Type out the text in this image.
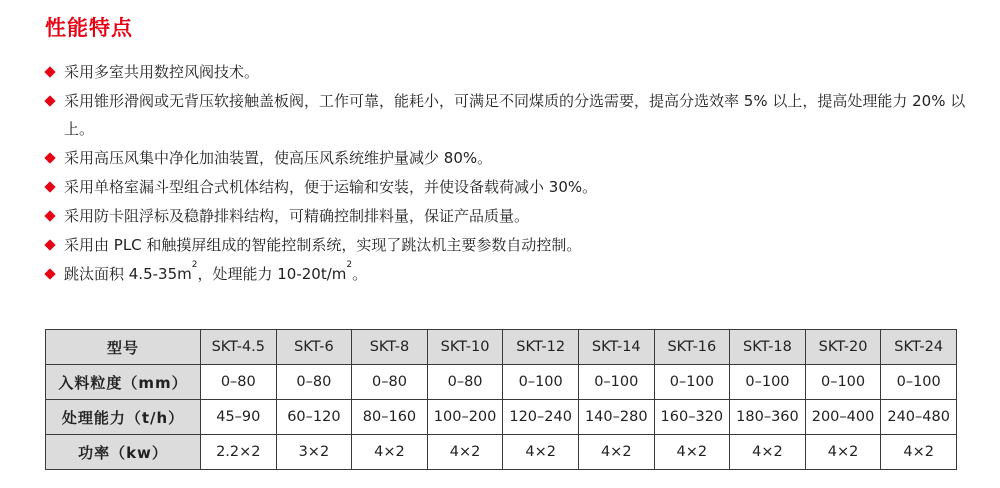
性能特点
采用多室共用数控风阀技术。
采用锥形滑阀或无背压软接触盖板阀，工作可靠，能耗小，可满足不同煤质的分选需要，提高分选效率 5% 以上，提高处理能力 20% 以上。
采用高压风集中净化加油装置，使高压风系统维护量减少 80%。
采用单格室漏斗型组合式机体结构，便于运输和安装，并使设备载荷减小 30%。
采用防卡阻浮标及稳静排料结构，可精确控制排料量，保证产品质量。
采用由 PLC 和触摸屏组成的智能控制系统，实现了跳汰机主要参数自动控制。
跳汰面积 $4.5-35m^2$，处理能力 $10-20t/m^2$。
型号	SKT-4.5	SKT-6	SKT-8	SKT-10	SKT-12	SKT-14	SKT-16	SKT-18	SKT-20	SKT-24
入料粒度（mm）	0–80	0–80	0–80	0–80	0–100	0–100	0–100	0–100	0–100	0–100
处理能力（t/h）	45–90	60–120	80–160	100–200	120–240	140–280	160–320	180–360	200–400	240–480
功率（kw）	2.2×2	3×2	4×2	4×2	4×2	4×2	4×2	4×2	4×2	4×2
